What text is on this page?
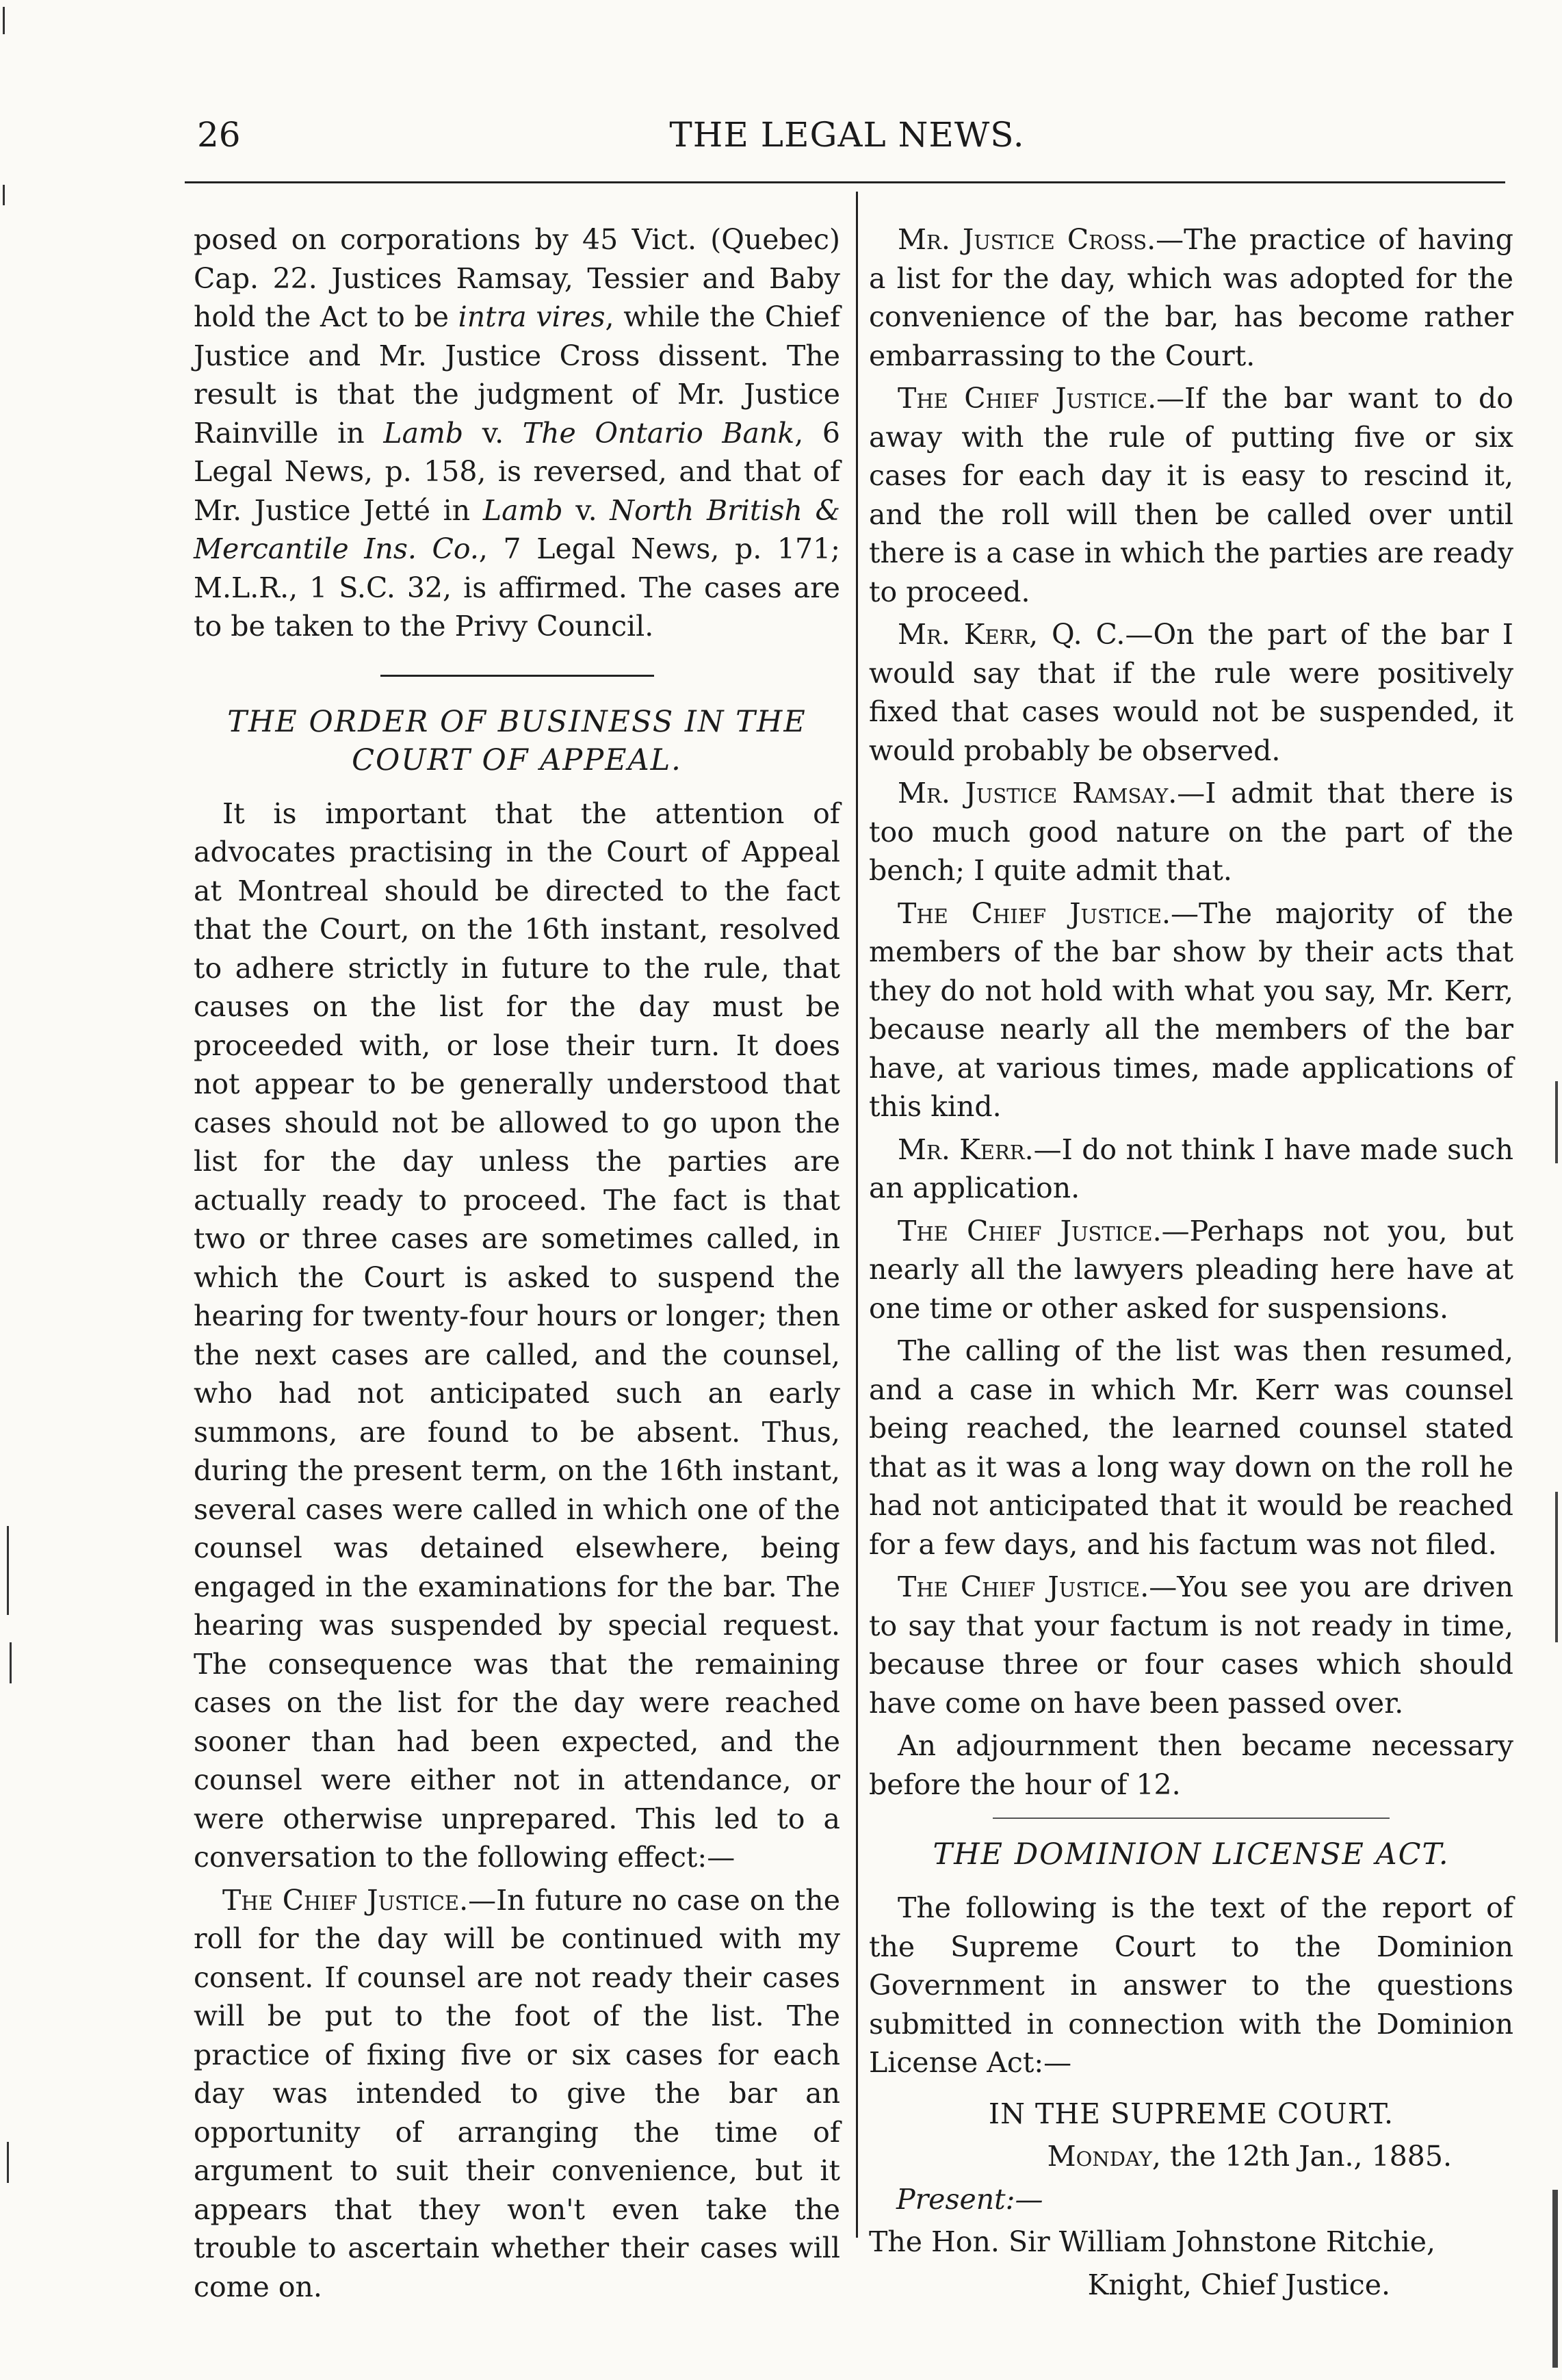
26	THE LEGAL NEWS.

posed on corporations by 45 Vict. (Quebec) Cap. 22. Justices Ramsay, Tessier and Baby hold the Act to be intra vires, while the Chief Justice and Mr. Justice Cross dissent. The result is that the judgment of Mr. Justice Rainville in Lamb v. The Ontario Bank, 6 Legal News, p. 158, is reversed, and that of Mr. Justice Jetté in Lamb v. North British & Mercantile Ins. Co., 7 Legal News, p. 171; M.L.R., 1 S.C. 32, is affirmed. The cases are to be taken to the Privy Council.

THE ORDER OF BUSINESS IN THE COURT OF APPEAL.

It is important that the attention of advocates practising in the Court of Appeal at Montreal should be directed to the fact that the Court, on the 16th instant, resolved to adhere strictly in future to the rule, that causes on the list for the day must be proceeded with, or lose their turn. It does not appear to be generally understood that cases should not be allowed to go upon the list for the day unless the parties are actually ready to proceed. The fact is that two or three cases are sometimes called, in which the Court is asked to suspend the hearing for twenty-four hours or longer; then the next cases are called, and the counsel, who had not anticipated such an early summons, are found to be absent. Thus, during the present term, on the 16th instant, several cases were called in which one of the counsel was detained elsewhere, being engaged in the examinations for the bar. The hearing was suspended by special request. The consequence was that the remaining cases on the list for the day were reached sooner than had been expected, and the counsel were either not in attendance, or were otherwise unprepared. This led to a conversation to the following effect:—

The Chief Justice.—In future no case on the roll for the day will be continued with my consent. If counsel are not ready their cases will be put to the foot of the list. The practice of fixing five or six cases for each day was intended to give the bar an opportunity of arranging the time of argument to suit their convenience, but it appears that they won't even take the trouble to ascertain whether their cases will come on.

Mr. Justice Cross.—The practice of having a list for the day, which was adopted for the convenience of the bar, has become rather embarrassing to the Court.

The Chief Justice.—If the bar want to do away with the rule of putting five or six cases for each day it is easy to rescind it, and the roll will then be called over until there is a case in which the parties are ready to proceed.

Mr. Kerr, Q. C.—On the part of the bar I would say that if the rule were positively fixed that cases would not be suspended, it would probably be observed.

Mr. Justice Ramsay.—I admit that there is too much good nature on the part of the bench; I quite admit that.

The Chief Justice.—The majority of the members of the bar show by their acts that they do not hold with what you say, Mr. Kerr, because nearly all the members of the bar have, at various times, made applications of this kind.

Mr. Kerr.—I do not think I have made such an application.

The Chief Justice.—Perhaps not you, but nearly all the lawyers pleading here have at one time or other asked for suspensions.

The calling of the list was then resumed, and a case in which Mr. Kerr was counsel being reached, the learned counsel stated that as it was a long way down on the roll he had not anticipated that it would be reached for a few days, and his factum was not filed.

The Chief Justice.—You see you are driven to say that your factum is not ready in time, because three or four cases which should have come on have been passed over.

An adjournment then became necessary before the hour of 12.

THE DOMINION LICENSE ACT.

The following is the text of the report of the Supreme Court to the Dominion Government in answer to the questions submitted in connection with the Dominion License Act:—

IN THE SUPREME COURT.

Monday, the 12th Jan., 1885.

Present:—

The Hon. Sir William Johnstone Ritchie,

Knight, Chief Justice.
